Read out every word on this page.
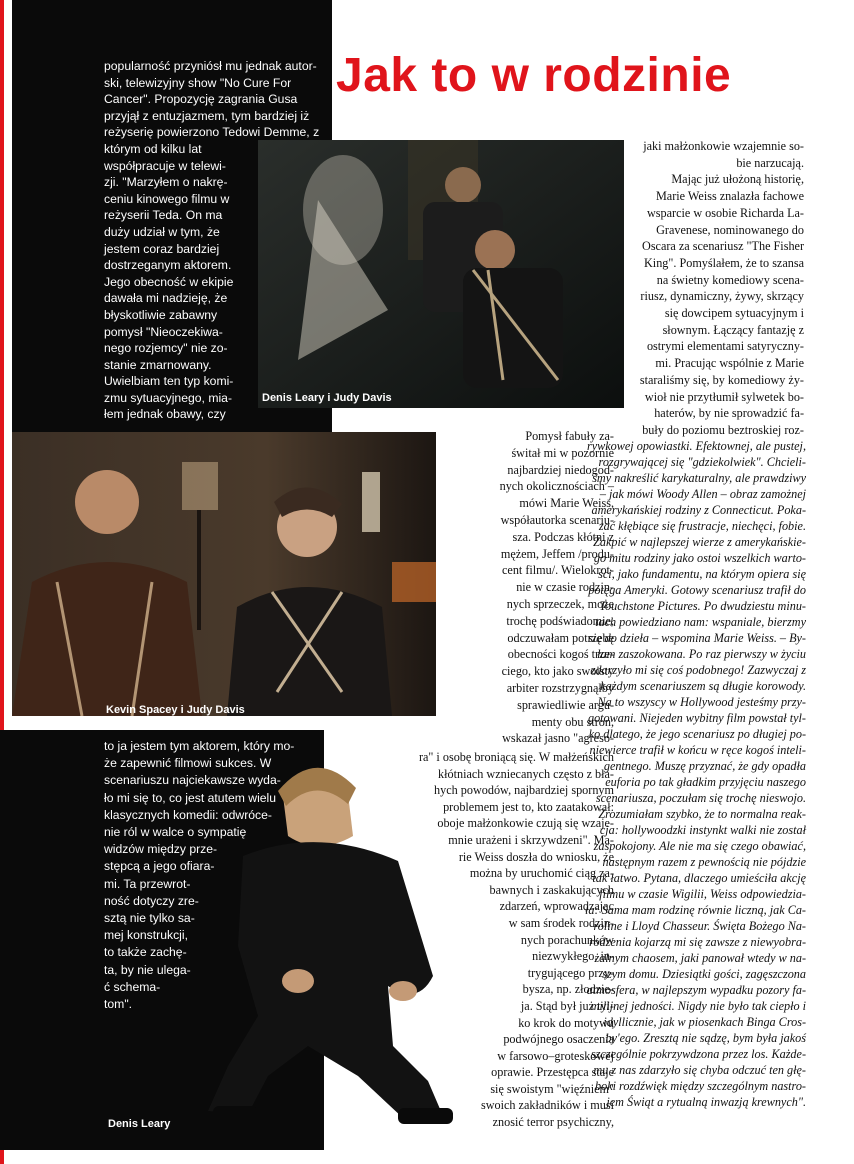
Jak to w rodzinie
Denis Leary i Judy Davis
Kevin Spacey i Judy Davis
Denis Leary
popularność przyniósł mu jednak autor-
ski, telewizyjny show "No Cure For
Cancer". Propozycję zagrania Gusa
przyjął z entuzjazmem, tym bardziej iż
reżyserię powierzono Tedowi Demme, z
którym od kilku lat
współpracuje w telewi-
zji. "Marzyłem o nakrę-
ceniu kinowego filmu w
reżyserii Teda. On ma
duży udział w tym, że
jestem coraz bardziej
dostrzeganym aktorem.
Jego obecność w ekipie
dawała mi nadzieję, że
błyskotliwie zabawny
pomysł "Nieoczekiwa-
nego rozjemcy" nie zo-
stanie zmarnowany.
Uwielbiam ten typ komi-
zmu sytuacyjnego, mia-
łem jednak obawy, czy
to ja jestem tym aktorem, który mo-
że zapewnić filmowi sukces. W
scenariuszu najciekawsze wyda-
ło mi się to, co jest atutem wielu
klasycznych komedii: odwróce-
nie ról w walce o sympatię
widzów między prze-
stępcą a jego ofiara-
mi. Ta przewrot-
ność dotyczy zre-
sztą nie tylko sa-
mej konstrukcji,
to także zachę-
ta, by nie ulega-
ć schema-
tom".
Pomysł fabuły za-
świtał mi w pozornie
najbardziej niedogod-
nych okolicznościach –
mówi Marie Weiss,
współautorka scenariu-
sza. Podczas kłótni z
mężem, Jeffem /produ-
cent filmu/. Wielokrot-
nie w czasie rodzin-
nych sprzeczek, może
trochę podświadomie,
odczuwałam potrzebę
obecności kogoś trze-
ciego, kto jako swoisty
arbiter rozstrzygnąłby
sprawiedliwie argu-
menty obu stron,
wskazał jasno "agreso-
ra" i osobę broniącą się. W małżeńskich
kłótniach wzniecanych często z bła-
hych powodów, najbardziej spornym
problemem jest to, kto zaatakował:
oboje małżonkowie czują się wzaje-
mnie urażeni i skrzywdzeni". Ma-
rie Weiss doszła do wniosku, że
można by uruchomić ciąg za-
bawnych i zaskakujących
zdarzeń, wprowadzając
w sam środek rodzin-
nych porachunków
niezwykłego, in-
trygującego przy-
bysza, np. złodzie-
ja. Stąd był już tyl-
ko krok do motywu
podwójnego osaczenia
w farsowo–groteskowej
oprawie. Przestępca staje
się swoistym "więźniem"
swoich zakładników i musi
znosić terror psychiczny,
jaki małżonkowie wzajemnie so-
bie narzucają.
Mając już ułożoną historię,
Marie Weiss znalazła fachowe
wsparcie w osobie Richarda La-
Gravenese, nominowanego do
Oscara za scenariusz "The Fisher
King". Pomyślałem, że to szansa
na świetny komediowy scena-
riusz, dynamiczny, żywy, skrzący
się dowcipem sytuacyjnym i
słownym. Łączący fantazję z
ostrymi elementami satyryczny-
mi. Pracując wspólnie z Marie
staraliśmy się, by komediowy ży-
wioł nie przytłumił sylwetek bo-
haterów, by nie sprowadzić fa-
buły do poziomu beztroskiej roz-
rywkowej opowiastki. Efektownej, ale pustej,
rozgrywającej się "gdziekolwiek". Chcieli-
śmy nakreślić karykaturalny, ale prawdziwy
– jak mówi Woody Allen – obraz zamożnej
amerykańskiej rodziny z Connecticut. Poka-
zać kłębiące się frustracje, niechęci, fobie.
Zakpić w najlepszej wierze z amerykańskie-
go mitu rodziny jako ostoi wszelkich warto-
ści, jako fundamentu, na którym opiera się
potęga Ameryki. Gotowy scenariusz trafił do
Touchstone Pictures. Po dwudziestu minu-
tach powiedziano nam: wspaniale, bierzmy
się do dzieła – wspomina Marie Weiss. – By-
łam zaszokowana. Po raz pierwszy w życiu
zdarzyło mi się coś podobnego! Zazwyczaj z
każdym scenariuszem są długie korowody.
Na to wszyscy w Hollywood jesteśmy przy-
gotowani. Niejeden wybitny film powstał tyl-
ko dlatego, że jego scenariusz po długiej po-
niewierce trafił w końcu w ręce kogoś inteli-
gentnego. Muszę przyznać, że gdy opadła
euforia po tak gładkim przyjęciu naszego
scenariusza, poczułam się trochę nieswojo.
Zrozumiałam szybko, że to normalna reak-
cja: hollywoodzki instynkt walki nie został
zaspokojony. Ale nie ma się czego obawiać,
następnym razem z pewnością nie pójdzie
tak łatwo. Pytana, dlaczego umieściła akcję
filmu w czasie Wigilii, Weiss odpowiedzia-
ła: Sama mam rodzinę równie liczną, jak Ca-
roline i Lloyd Chasseur. Święta Bożego Na-
rodzenia kojarzą mi się zawsze z niewyobra-
żalnym chaosem, jaki panował wtedy w na-
szym domu. Dziesiątki gości, zagęszczona
atmosfera, w najlepszym wypadku pozory fa-
milijnej jedności. Nigdy nie było tak ciepło i
idyllicznie, jak w piosenkach Binga Cros-
by'ego. Zresztą nie sądzę, bym była jakoś
szczególnie pokrzywdzona przez los. Każde-
mu z nas zdarzyło się chyba odczuć ten głę-
boki rozdźwięk między szczególnym nastro-
jem Świąt a rytualną inwazją krewnych".
